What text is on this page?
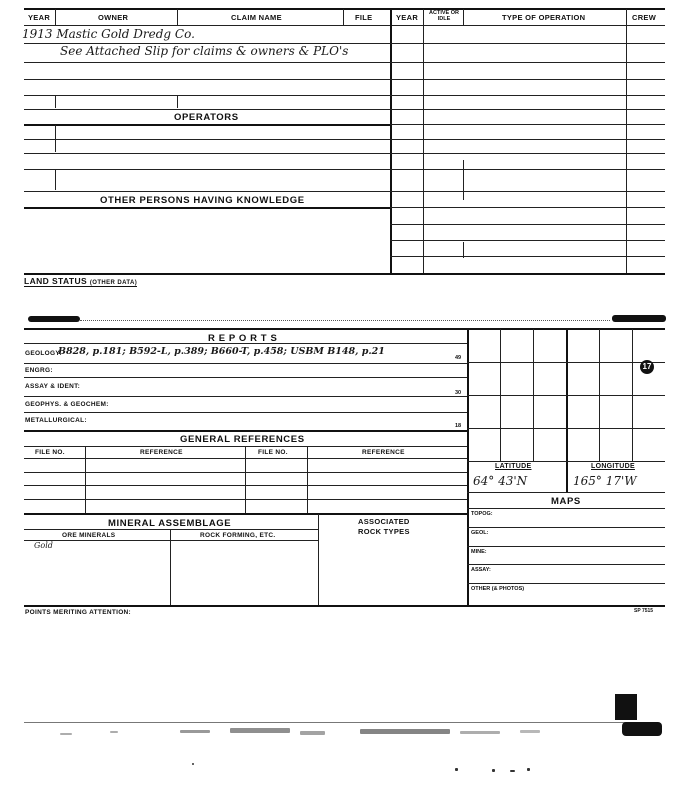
YEAR	OWNER	CLAIM NAME	FILE	YEAR	ACTIVE OR IDLE	TYPE OF OPERATION	CREW
1913 Mastic Gold Dredg Co.
See Attached Slip for claims & owners & PLO's
OPERATORS
OTHER PERSONS HAVING KNOWLEDGE
LAND STATUS (OTHER DATA)
R E P O R T S
GEOLOGY:
B828, p.181; B592-L, p.389; B660-T, p.458; USBM B148, p.21
49
ENGRG:
ASSAY & IDENT:
30
GEOPHYS. & GEOCHEM:
METALLURGICAL:
18
GENERAL REFERENCES
FILE NO.	REFERENCE	FILE NO.	REFERENCE
MINERAL ASSEMBLAGE	ASSOCIATED
ROCK TYPES
ORE MINERALS	ROCK FORMING, ETC.
Gold
17
LATITUDE	LONGITUDE
64° 43'N	165° 17'W
MAPS
TOPOG:
GEOL:
MINE:
ASSAY:
OTHER (& PHOTOS)
POINTS MERITING ATTENTION:	SP 7515
